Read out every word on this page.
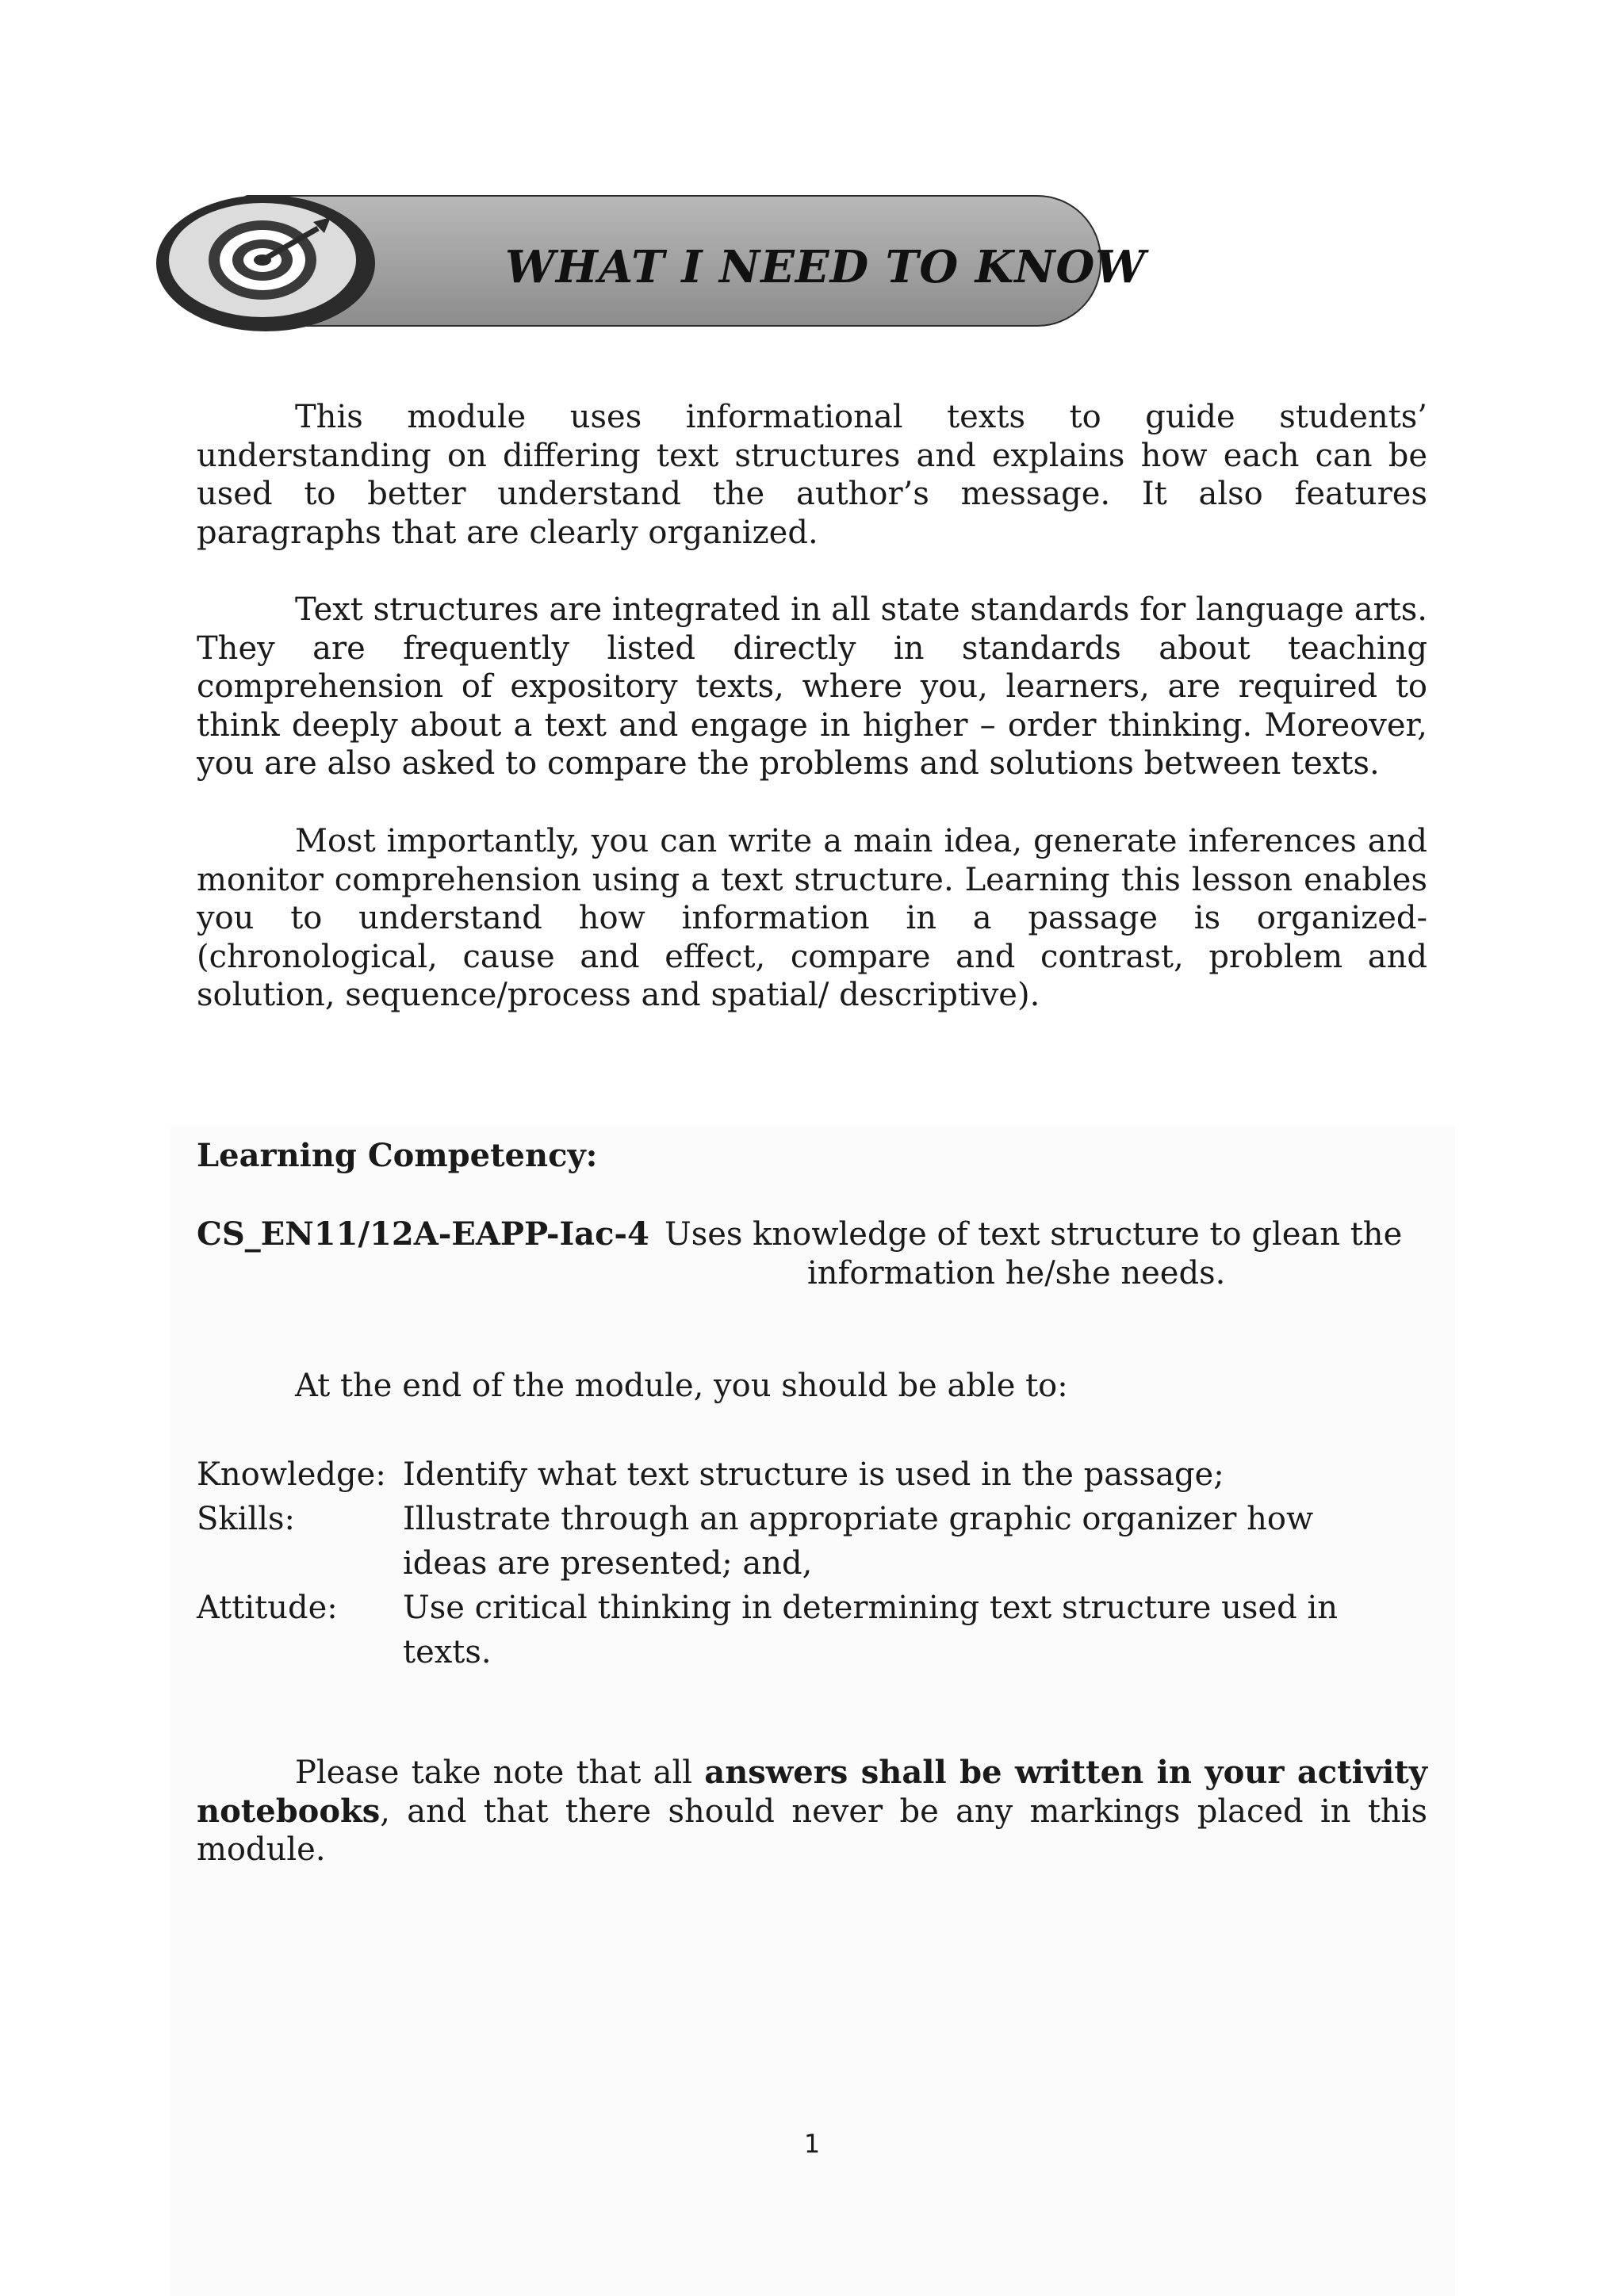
WHAT I NEED TO KNOW
This module uses informational texts to guide students’ understanding on differing text structures and explains how each can be used to better understand the author’s message. It also features paragraphs that are clearly organized.
Text structures are integrated in all state standards for language arts. They are frequently listed directly in standards about teaching comprehension of expository texts, where you, learners, are required to think deeply about a text and engage in higher – order thinking. Moreover, you are also asked to compare the problems and solutions between texts.
Most importantly, you can write a main idea, generate inferences and monitor comprehension using a text structure. Learning this lesson enables you to understand how information in a passage is organized- (chronological, cause and effect, compare and contrast, problem and solution, sequence/process and spatial/ descriptive).
Learning Competency:
CS_EN11/12A-EAPP-Iac-4 Uses knowledge of text structure to glean the
information he/she needs.
At the end of the module, you should be able to:
Knowledge: Identify what text structure is used in the passage;
Skills:	Illustrate through an appropriate graphic organizer how ideas are presented; and,
Attitude: Use critical thinking in determining text structure used in texts.
Please take note that all answers shall be written in your activity notebooks, and that there should never be any markings placed in this module.
1
